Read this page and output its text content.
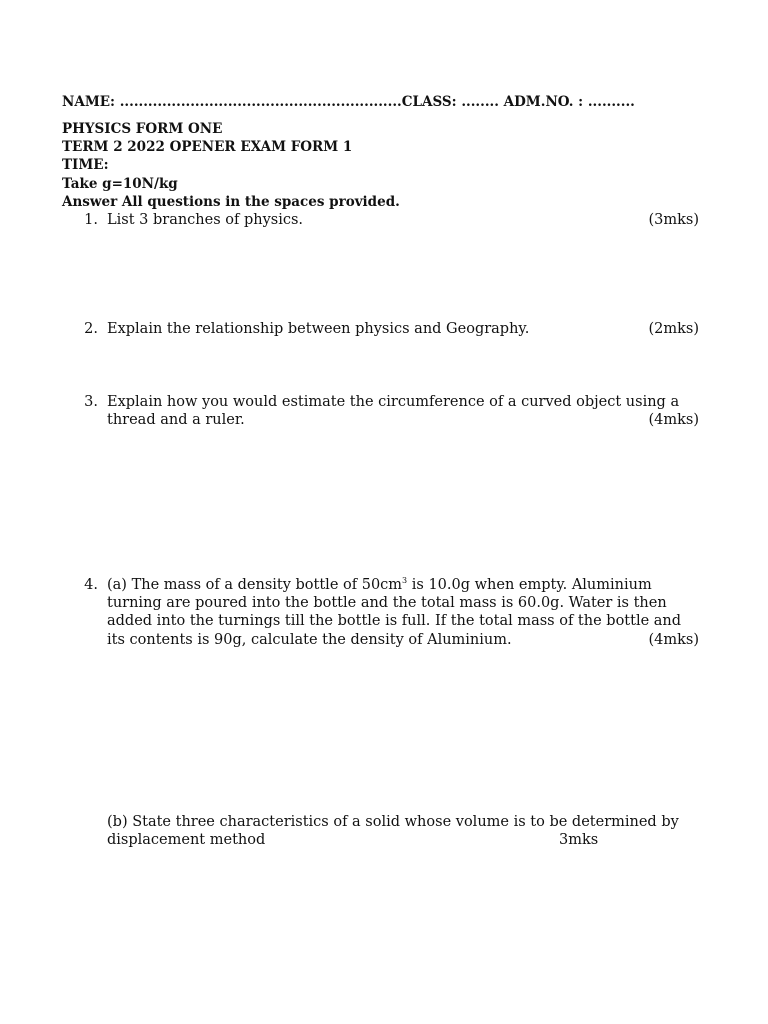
NAME: ............................................................CLASS: ........ ADM.NO. : ..........
PHYSICS FORM ONE
TERM 2 2022 OPENER EXAM FORM 1
TIME:
Take g=10N/kg
Answer All questions in the spaces provided.
1. List 3 branches of physics.	(3mks)
2. Explain the relationship between physics and Geography.	(2mks)
3. Explain how you would estimate the circumference of a curved object using a
thread and a ruler.	(4mks)
4. (a) The mass of a density bottle of $50cm^3$ is 10.0g when empty. Aluminium
turning are poured into the bottle and the total mass is 60.0g. Water is then
added into the turnings till the bottle is full. If the total mass of the bottle and
its contents is 90g, calculate the density of Aluminium.	(4mks)
(b) State three characteristics of a solid whose volume is to be determined by
displacement method	3mks
